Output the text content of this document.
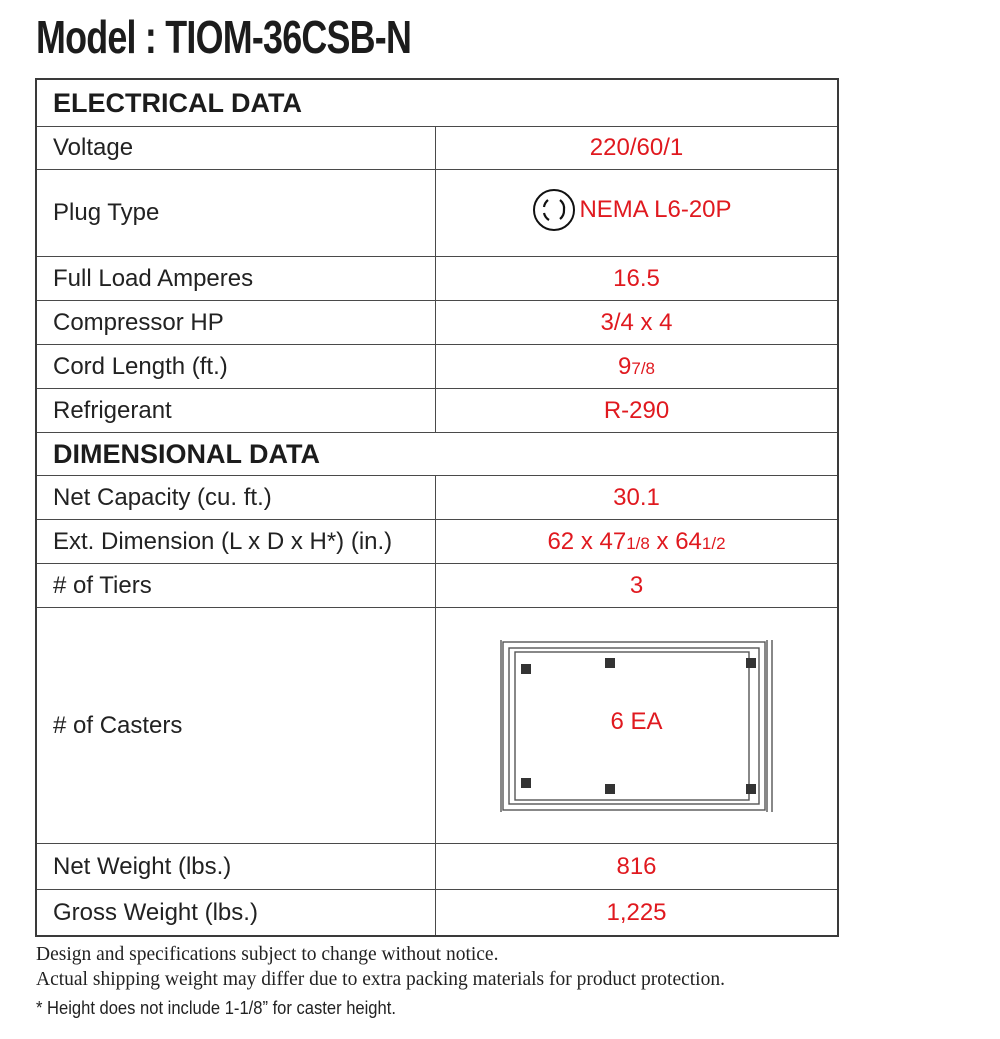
Model : TIOM-36CSB-N
ELECTRICAL DATA	
Voltage	220/60/1
Plug Type	NEMA L6-20P

Full Load Amperes	16.5
Compressor HP	3/4 x 4
Cord Length (ft.)	97/8
Refrigerant	R-290
DIMENSIONAL DATA	
Net Capacity (cu. ft.)	30.1
Ext. Dimension (L x D x H*) (in.)	62 x 471/8 x 641/2
# of Tiers	3
# of Casters	6 EA

Net Weight (lbs.)	816
Gross Weight (lbs.)	1,225
Design and specifications subject to change without notice.
Actual shipping weight may differ due to extra packing materials for product protection.
* Height does not include 1-1/8” for caster height.
